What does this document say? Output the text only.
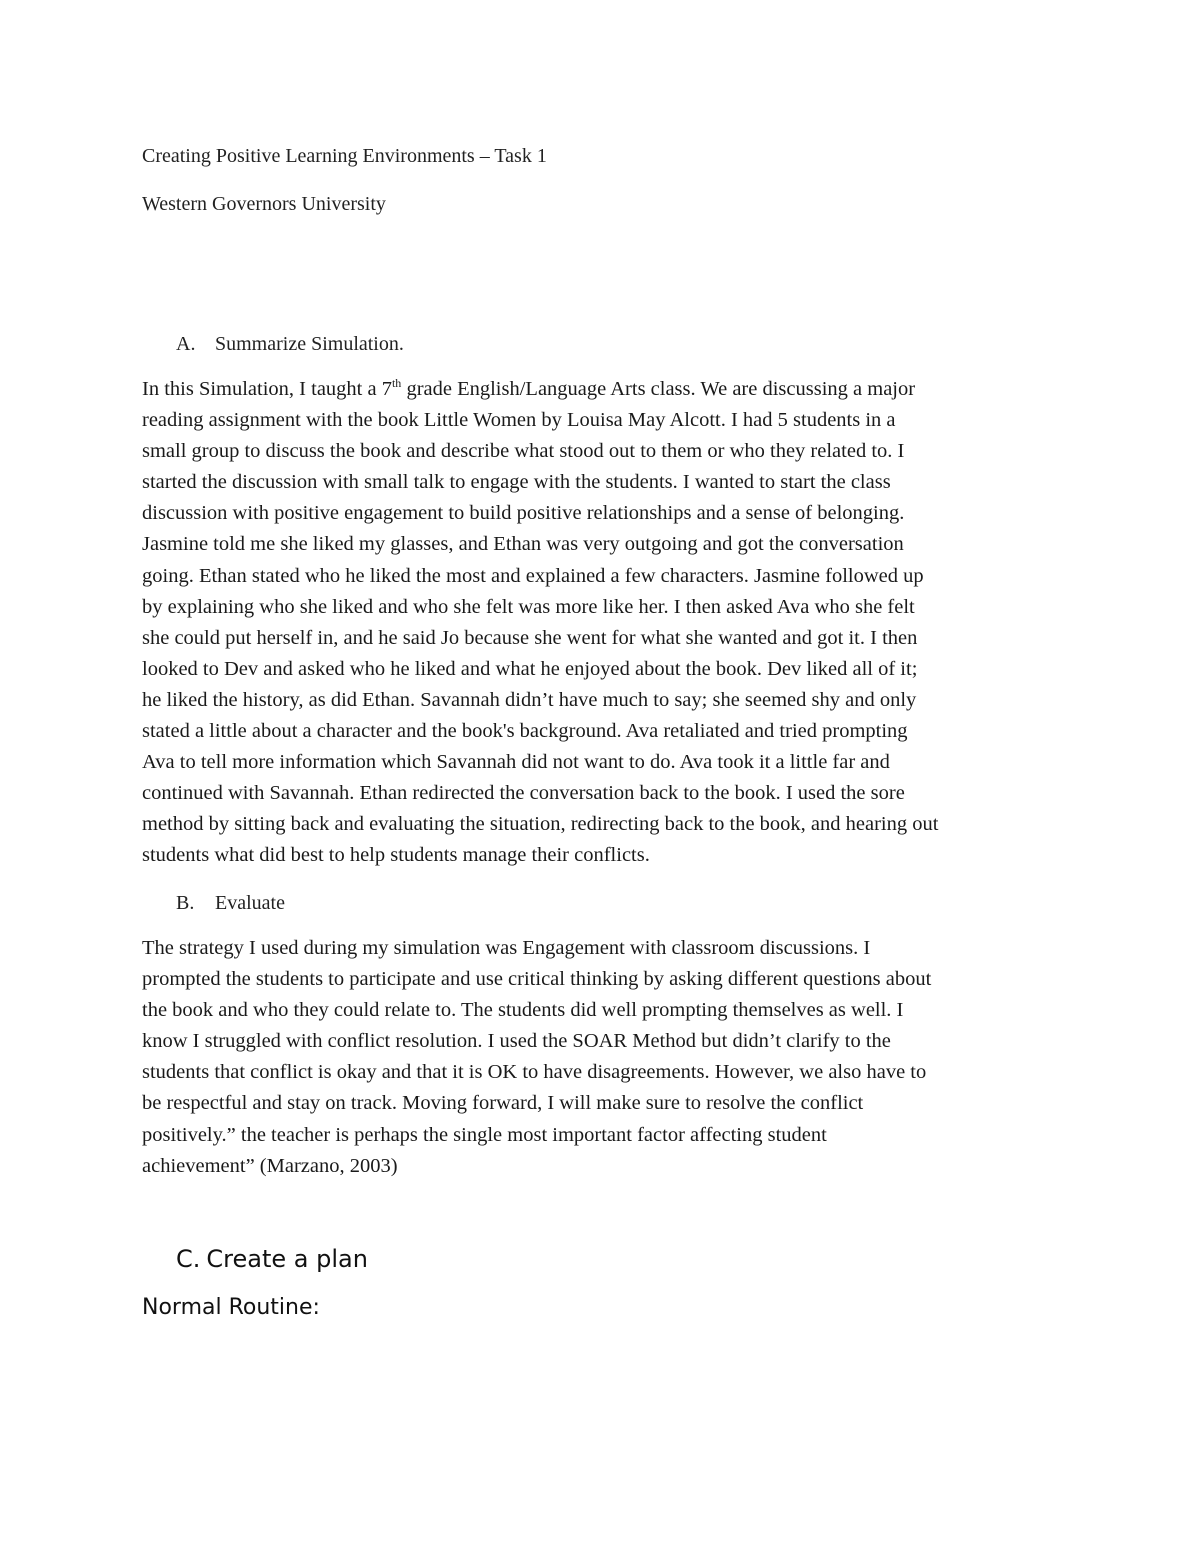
Creating Positive Learning Environments – Task 1
Western Governors University
A. Summarize Simulation.
In this Simulation, I taught a 7th grade English/Language Arts class. We are discussing a major
reading assignment with the book Little Women by Louisa May Alcott. I had 5 students in a
small group to discuss the book and describe what stood out to them or who they related to. I
started the discussion with small talk to engage with the students. I wanted to start the class
discussion with positive engagement to build positive relationships and a sense of belonging.
Jasmine told me she liked my glasses, and Ethan was very outgoing and got the conversation
going. Ethan stated who he liked the most and explained a few characters. Jasmine followed up
by explaining who she liked and who she felt was more like her. I then asked Ava who she felt
she could put herself in, and he said Jo because she went for what she wanted and got it. I then
looked to Dev and asked who he liked and what he enjoyed about the book. Dev liked all of it;
he liked the history, as did Ethan. Savannah didn’t have much to say; she seemed shy and only
stated a little about a character and the book's background. Ava retaliated and tried prompting
Ava to tell more information which Savannah did not want to do. Ava took it a little far and
continued with Savannah. Ethan redirected the conversation back to the book. I used the sore
method by sitting back and evaluating the situation, redirecting back to the book, and hearing out
students what did best to help students manage their conflicts.
B. Evaluate
The strategy I used during my simulation was Engagement with classroom discussions. I
prompted the students to participate and use critical thinking by asking different questions about
the book and who they could relate to. The students did well prompting themselves as well. I
know I struggled with conflict resolution. I used the SOAR Method but didn’t clarify to the
students that conflict is okay and that it is OK to have disagreements. However, we also have to
be respectful and stay on track. Moving forward, I will make sure to resolve the conflict
positively.” the teacher is perhaps the single most important factor affecting student
achievement” (Marzano, 2003)
C. Create a plan
Normal Routine:
